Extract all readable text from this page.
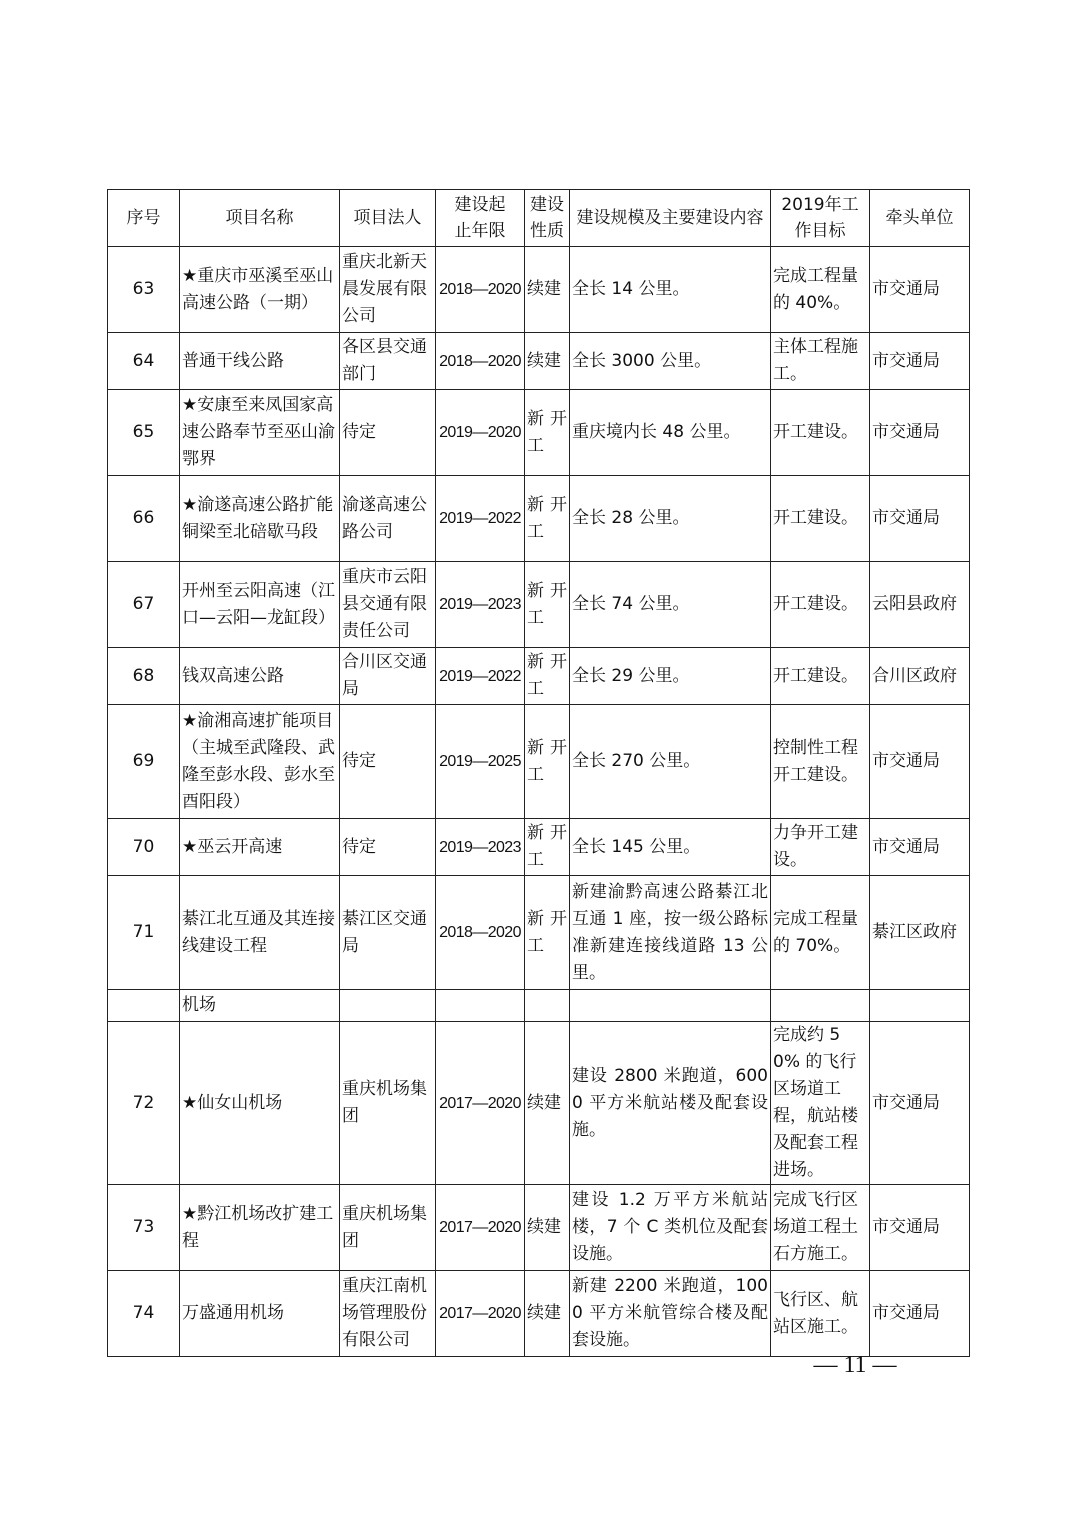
序号	项目名称	项目法人	建设起止年限	建设性质	建设规模及主要建设内容	2019年工作目标	牵头单位
63	★重庆市巫溪至巫山高速公路（一期）	重庆北新天晨发展有限公司	2018—2020	续建	全长 14 公里。	完成工程量的 40%。	市交通局
64	普通干线公路	各区县交通部门	2018—2020	续建	全长 3000 公里。	主体工程施工。	市交通局
65	★安康至来凤国家高速公路奉节至巫山渝鄂界	待定	2019—2020	新开工	重庆境内长 48 公里。	开工建设。	市交通局
66	★渝遂高速公路扩能铜梁至北碚歇马段	渝遂高速公路公司	2019—2022	新开工	全长 28 公里。	开工建设。	市交通局
67	开州至云阳高速（江口—云阳—龙缸段）	重庆市云阳县交通有限责任公司	2019—2023	新开工	全长 74 公里。	开工建设。	云阳县政府
68	钱双高速公路	合川区交通局	2019—2022	新开工	全长 29 公里。	开工建设。	合川区政府
69	★渝湘高速扩能项目（主城至武隆段、武隆至彭水段、彭水至酉阳段）	待定	2019—2025	新开工	全长 270 公里。	控制性工程开工建设。	市交通局
70	★巫云开高速	待定	2019—2023	新开工	全长 145 公里。	力争开工建设。	市交通局
71	綦江北互通及其连接线建设工程	綦江区交通局	2018—2020	新开工	新建渝黔高速公路綦江北互通 1 座，按一级公路标准新建连接线道路 13 公里。	完成工程量的 70%。	綦江区政府
	机场						
72	★仙女山机场	重庆机场集团	2017—2020	续建	建设 2800 米跑道，6000 平方米航站楼及配套设施。	完成约 50% 的飞行区场道工程，航站楼及配套工程进场。	市交通局
73	★黔江机场改扩建工程	重庆机场集团	2017—2020	续建	建设 1.2 万平方米航站楼，7 个 C 类机位及配套设施。	完成飞行区场道工程土石方施工。	市交通局
74	万盛通用机场	重庆江南机场管理股份有限公司	2017—2020	续建	新建 2200 米跑道，1000 平方米航管综合楼及配套设施。	飞行区、航站区施工。	市交通局
— 11 —
